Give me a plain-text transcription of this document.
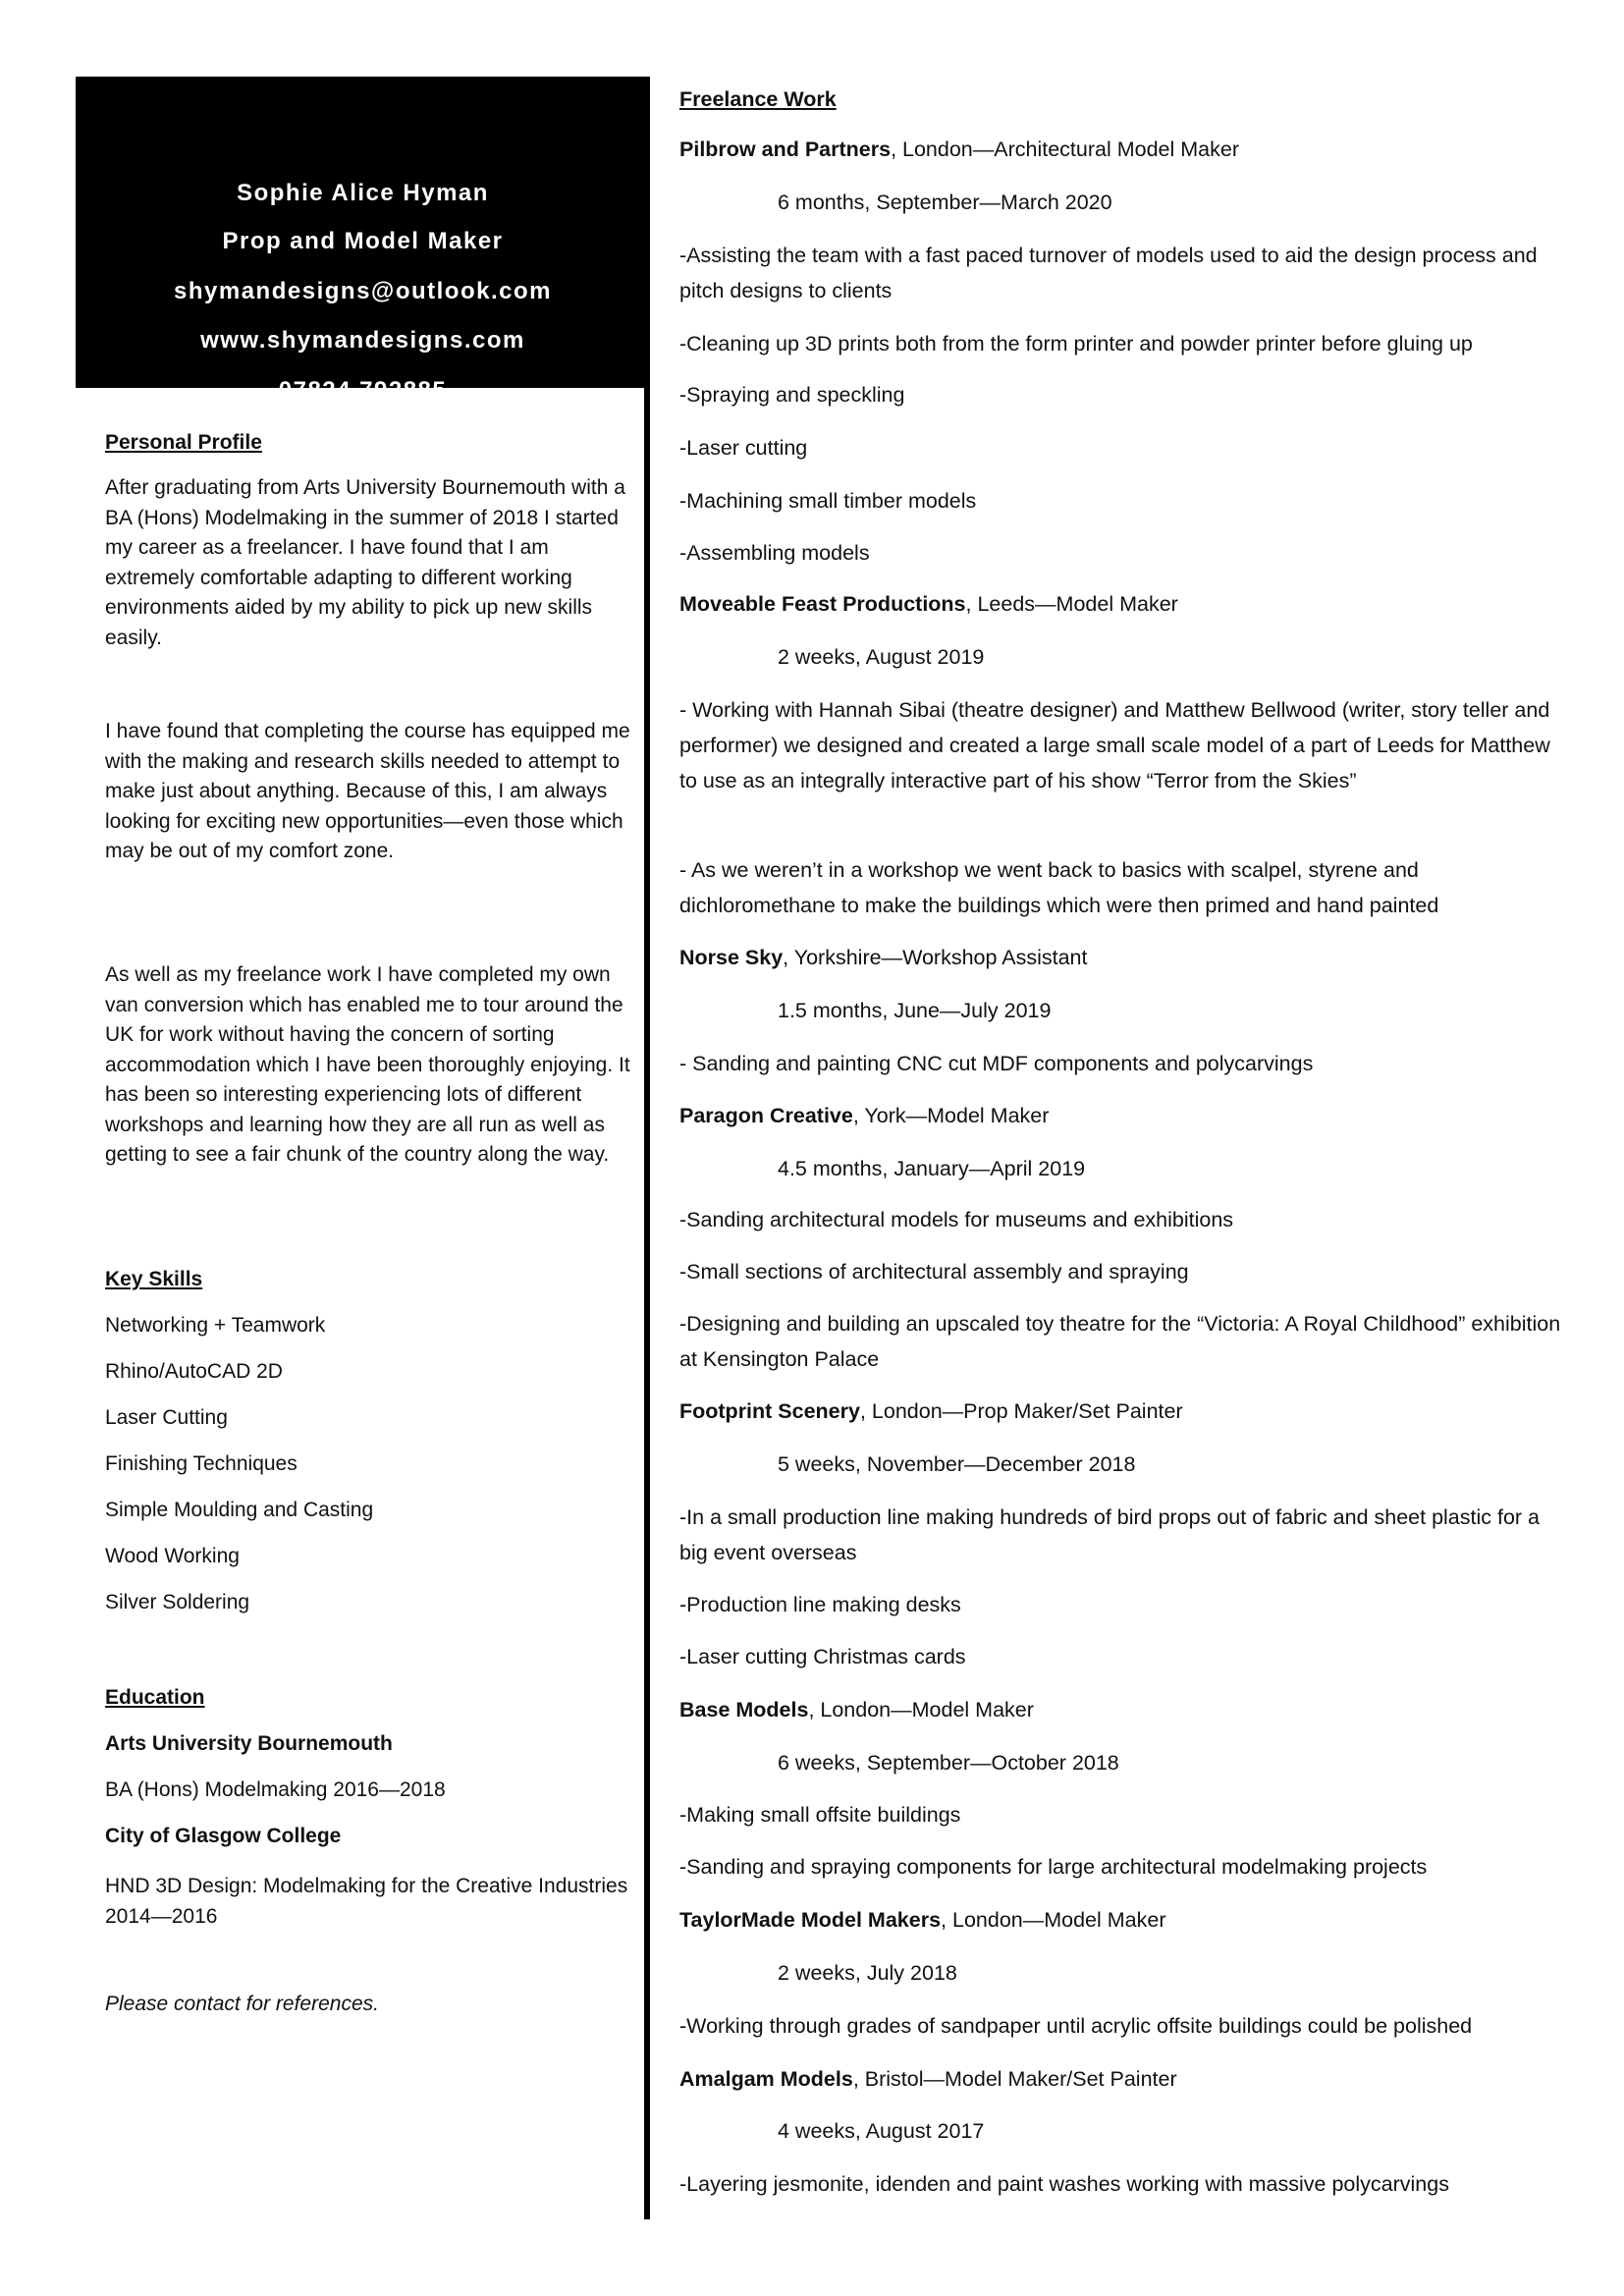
Sophie Alice Hyman
Prop and Model Maker
shymandesigns@outlook.com
www.shymandesigns.com
07824 792885
Personal Profile
After graduating from Arts University Bournemouth with a BA (Hons) Modelmaking in the summer of 2018 I started my career as a freelancer. I have found that I am extremely comfortable adapting to different working environments aided by my ability to pick up new skills easily.
I have found that completing the course has equipped me with the making and research skills needed to attempt to make just about anything. Because of this, I am always looking for exciting new opportunities—even those which may be out of my comfort zone.
As well as my freelance work I have completed my own van conversion which has enabled me to tour around the UK for work without having the concern of sorting accommodation which I have been thoroughly enjoying. It has been so interesting experiencing lots of different workshops and learning how they are all run as well as getting to see a fair chunk of the country along the way.
Key Skills
Networking + Teamwork
Rhino/AutoCAD 2D
Laser Cutting
Finishing Techniques
Simple Moulding and Casting
Wood Working
Silver Soldering
Education
Arts University Bournemouth
BA (Hons) Modelmaking 2016—2018
City of Glasgow College
HND 3D Design: Modelmaking for the Creative Industries 2014—2016
Please contact for references.
Freelance Work
Pilbrow and Partners, London—Architectural Model Maker
6 months, September—March 2020
-Assisting the team with a fast paced turnover of models used to aid the design process and pitch designs to clients
-Cleaning up 3D prints both from the form printer and powder printer before gluing up
-Spraying and speckling
-Laser cutting
-Machining small timber models
-Assembling models
Moveable Feast Productions, Leeds—Model Maker
2 weeks, August 2019
- Working with Hannah Sibai (theatre designer) and Matthew Bellwood (writer, story teller and performer) we designed and created a large small scale model of a part of Leeds for Matthew to use as an integrally interactive part of his show “Terror from the Skies”
- As we weren’t in a workshop we went back to basics with scalpel, styrene and dichloromethane to make the buildings which were then primed and hand painted
Norse Sky, Yorkshire—Workshop Assistant
1.5 months, June—July 2019
- Sanding and painting CNC cut MDF components and polycarvings
Paragon Creative, York—Model Maker
4.5 months, January—April 2019
-Sanding architectural models for museums and exhibitions
-Small sections of architectural assembly and spraying
-Designing and building an upscaled toy theatre for the “Victoria: A Royal Childhood” exhibition at Kensington Palace
Footprint Scenery, London—Prop Maker/Set Painter
5 weeks, November—December 2018
-In a small production line making hundreds of bird props out of fabric and sheet plastic for a big event overseas
-Production line making desks
-Laser cutting Christmas cards
Base Models, London—Model Maker
6 weeks, September—October 2018
-Making small offsite buildings
-Sanding and spraying components for large architectural modelmaking projects
TaylorMade Model Makers, London—Model Maker
2 weeks, July 2018
-Working through grades of sandpaper until acrylic offsite buildings could be polished
Amalgam Models, Bristol—Model Maker/Set Painter
4 weeks, August 2017
-Layering jesmonite, idenden and paint washes working with massive polycarvings
